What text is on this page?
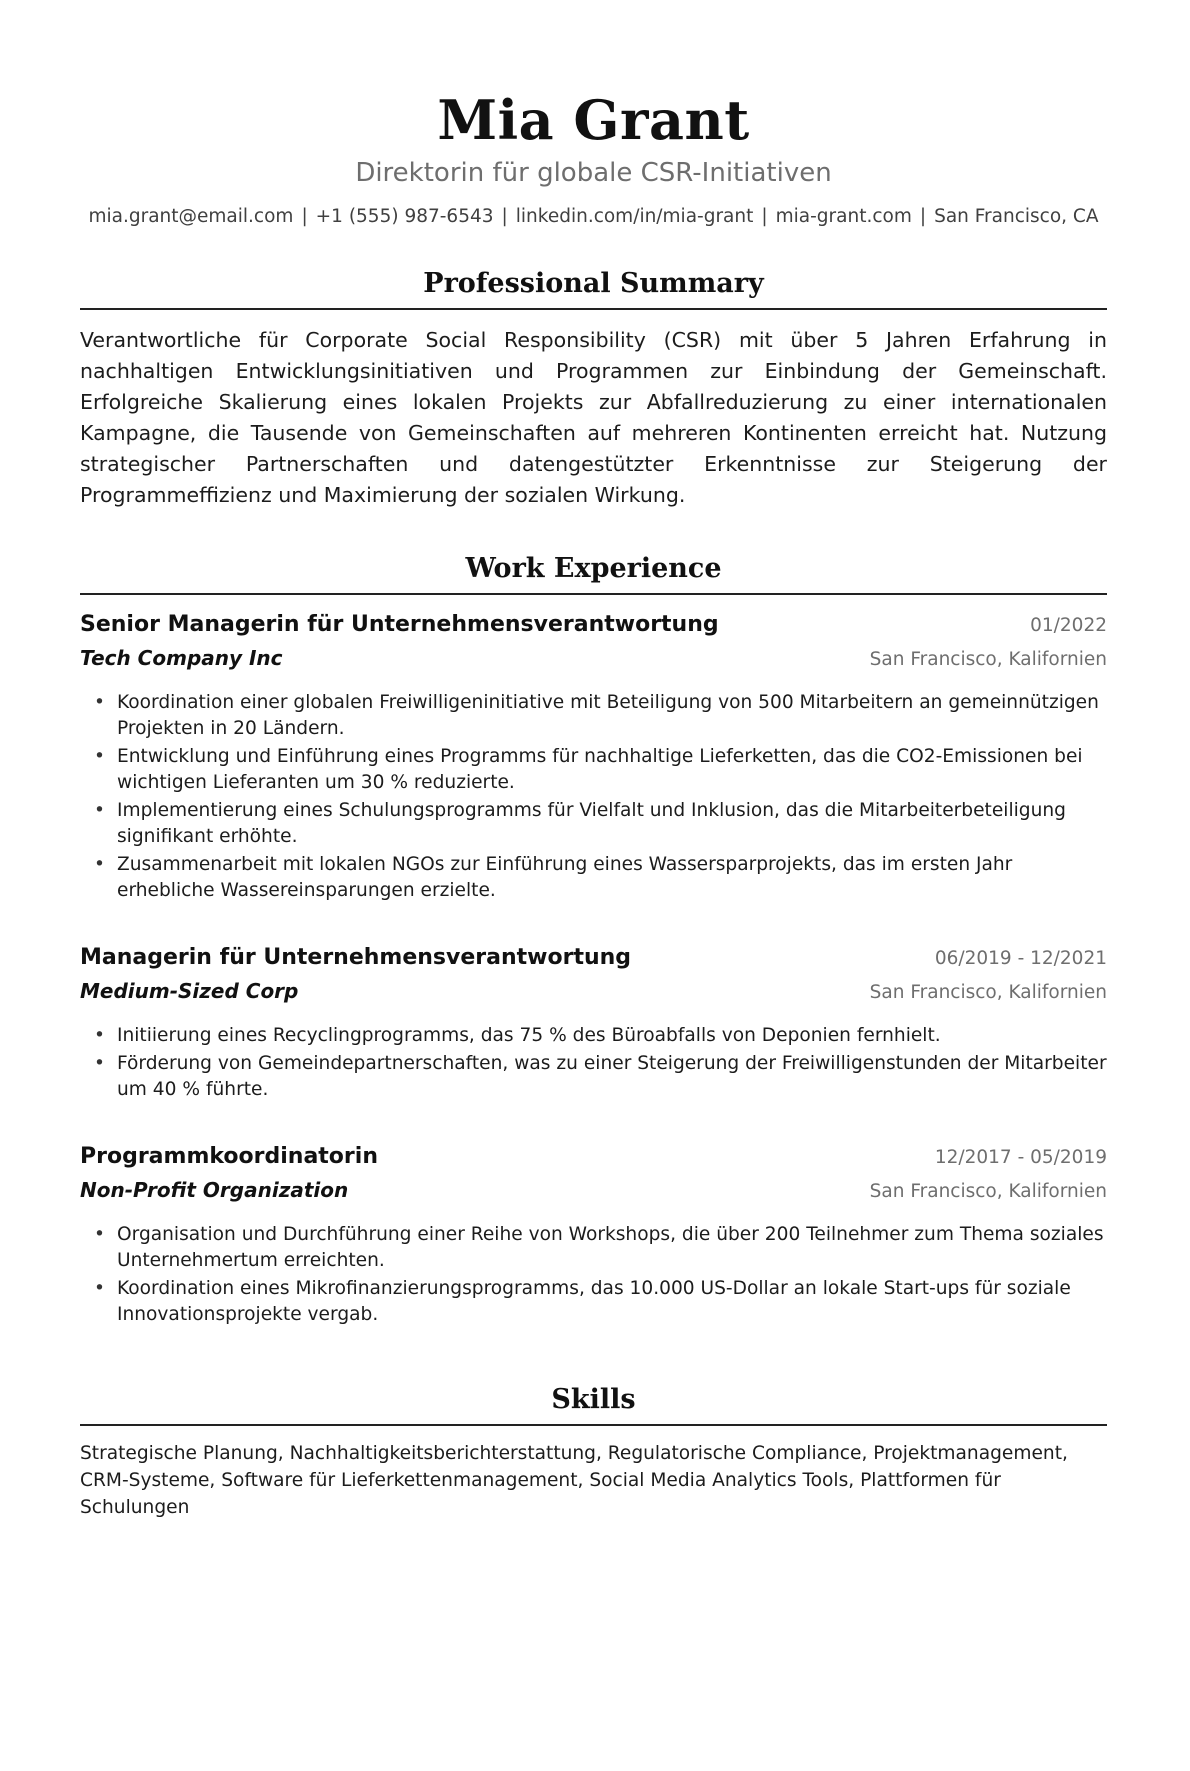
Mia Grant
Direktorin für globale CSR-Initiativen
mia.grant@email.com | +1 (555) 987-6543 | linkedin.com/in/mia-grant | mia-grant.com | San Francisco, CA
Professional Summary
Verantwortliche für Corporate Social Responsibility (CSR) mit über 5 Jahren Erfahrung in nachhaltigen Entwicklungsinitiativen und Programmen zur Einbindung der Gemeinschaft. Erfolgreiche Skalierung eines lokalen Projekts zur Abfallreduzierung zu einer internationalen Kampagne, die Tausende von Gemeinschaften auf mehreren Kontinenten erreicht hat. Nutzung strategischer Partnerschaften und datengestützter Erkenntnisse zur Steigerung der Programmeffizienz und Maximierung der sozialen Wirkung.
Work Experience
Senior Managerin für Unternehmensverantwortung	01/2022
Tech Company Inc	San Francisco, Kalifornien
• Koordination einer globalen Freiwilligeninitiative mit Beteiligung von 500 Mitarbeitern an gemeinnützigen Projekten in 20 Ländern.
• Entwicklung und Einführung eines Programms für nachhaltige Lieferketten, das die CO2-Emissionen bei wichtigen Lieferanten um 30 % reduzierte.
• Implementierung eines Schulungsprogramms für Vielfalt und Inklusion, das die Mitarbeiterbeteiligung signifikant erhöhte.
• Zusammenarbeit mit lokalen NGOs zur Einführung eines Wassersparprojekts, das im ersten Jahr erhebliche Wassereinsparungen erzielte.
Managerin für Unternehmensverantwortung	06/2019 - 12/2021
Medium-Sized Corp	San Francisco, Kalifornien
• Initiierung eines Recyclingprogramms, das 75 % des Büroabfalls von Deponien fernhielt.
• Förderung von Gemeindepartnerschaften, was zu einer Steigerung der Freiwilligenstunden der Mitarbeiter um 40 % führte.
Programmkoordinatorin	12/2017 - 05/2019
Non-Profit Organization	San Francisco, Kalifornien
• Organisation und Durchführung einer Reihe von Workshops, die über 200 Teilnehmer zum Thema soziales Unternehmertum erreichten.
• Koordination eines Mikrofinanzierungsprogramms, das 10.000 US-Dollar an lokale Start-ups für soziale Innovationsprojekte vergab.
Skills
Strategische Planung, Nachhaltigkeitsberichterstattung, Regulatorische Compliance, Projektmanagement, CRM-Systeme, Software für Lieferkettenmanagement, Social Media Analytics Tools, Plattformen für Schulungen
